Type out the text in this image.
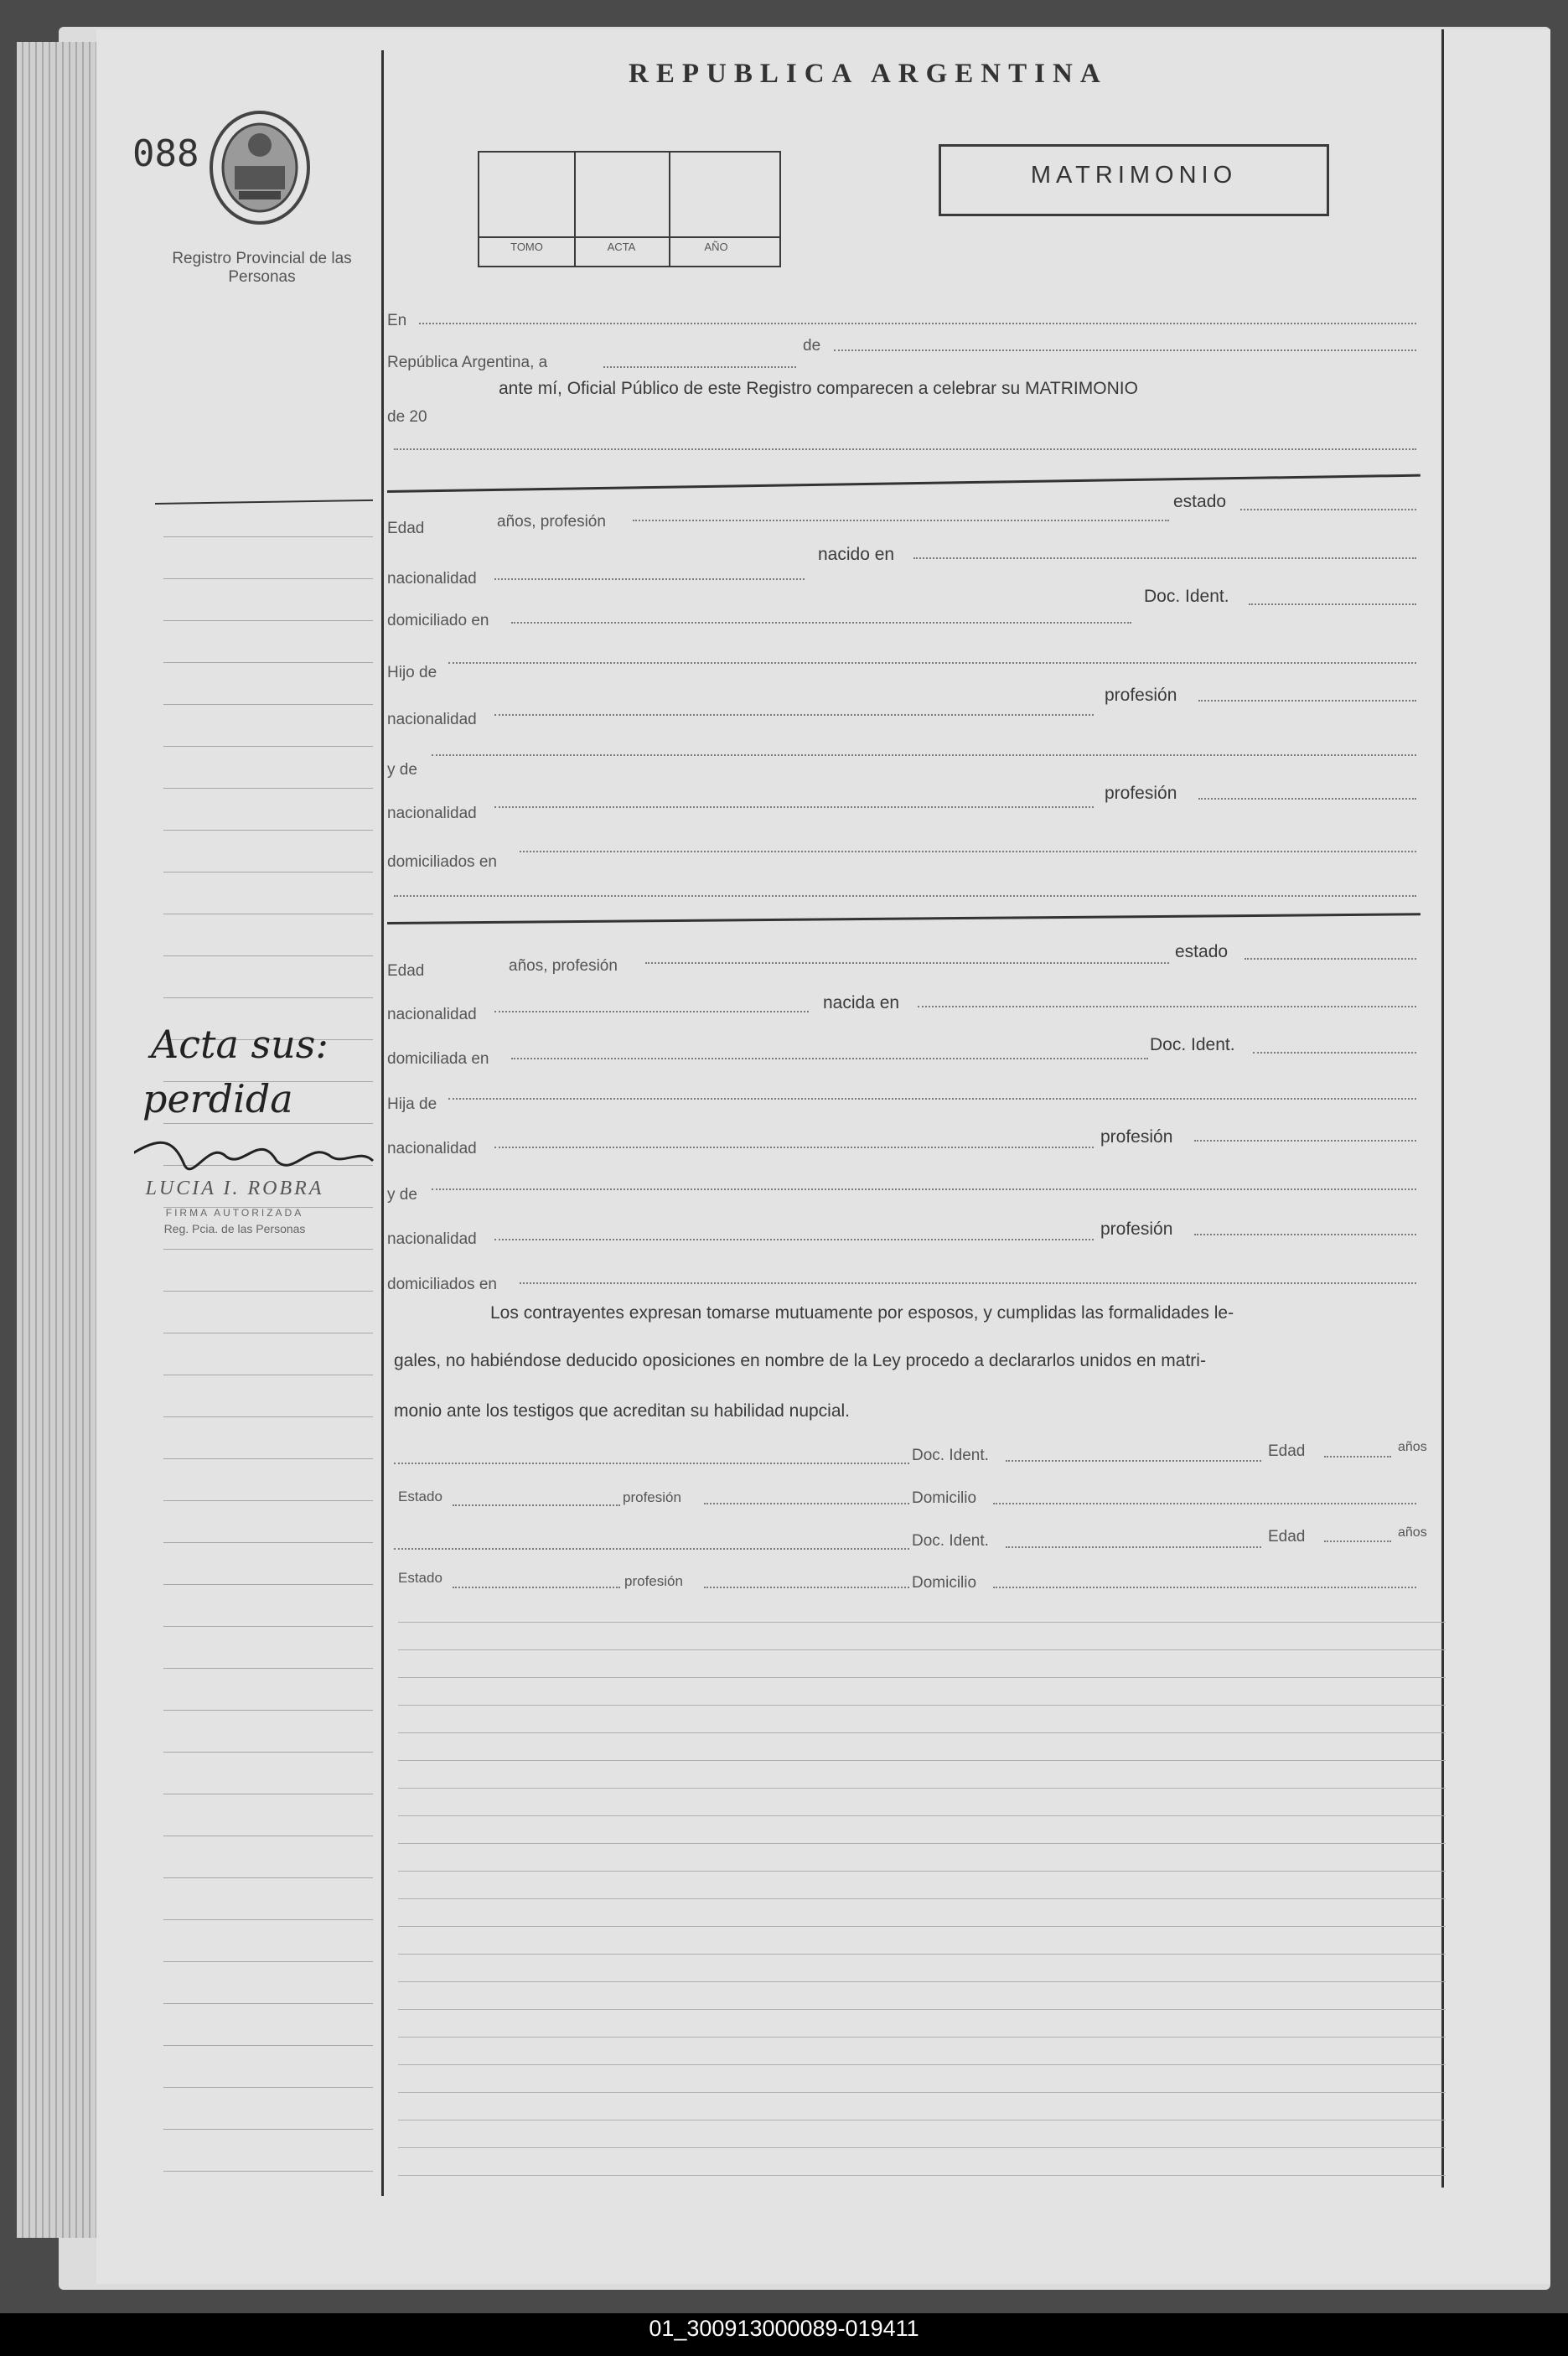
REPUBLICA ARGENTINA
088
Registro Provincial de las Personas
TOMO	ACTA	AÑO
MATRIMONIO
En
República Argentina, a
de
de 20
ante mí, Oficial Público de este Registro comparecen a celebrar su MATRIMONIO
Edad	años, profesión
estado
nacionalidad
nacido en
domiciliado en
Doc. Ident.
Hijo de
nacionalidad
profesión
y de
nacionalidad
profesión
domiciliados en
Edad	años, profesión
estado
nacionalidad
nacida en
domiciliada en
Doc. Ident.
Hija de
nacionalidad
profesión
y de
nacionalidad
profesión
domiciliados en
Los contrayentes expresan tomarse mutuamente por esposos, y cumplidas las formalidades le-
gales, no habiéndose deducido oposiciones en nombre de la Ley procedo a declararlos unidos en matri-
monio ante los testigos que acreditan su habilidad nupcial.
Doc. Ident.	Edad	años
Estado	profesión	Domicilio
Doc. Ident.	Edad	años
Estado	profesión	Domicilio
Acta sus:
perdida
LUCIA I. ROBRA
FIRMA AUTORIZADA
Reg. Pcia. de las Personas
01_300913000089-019411
